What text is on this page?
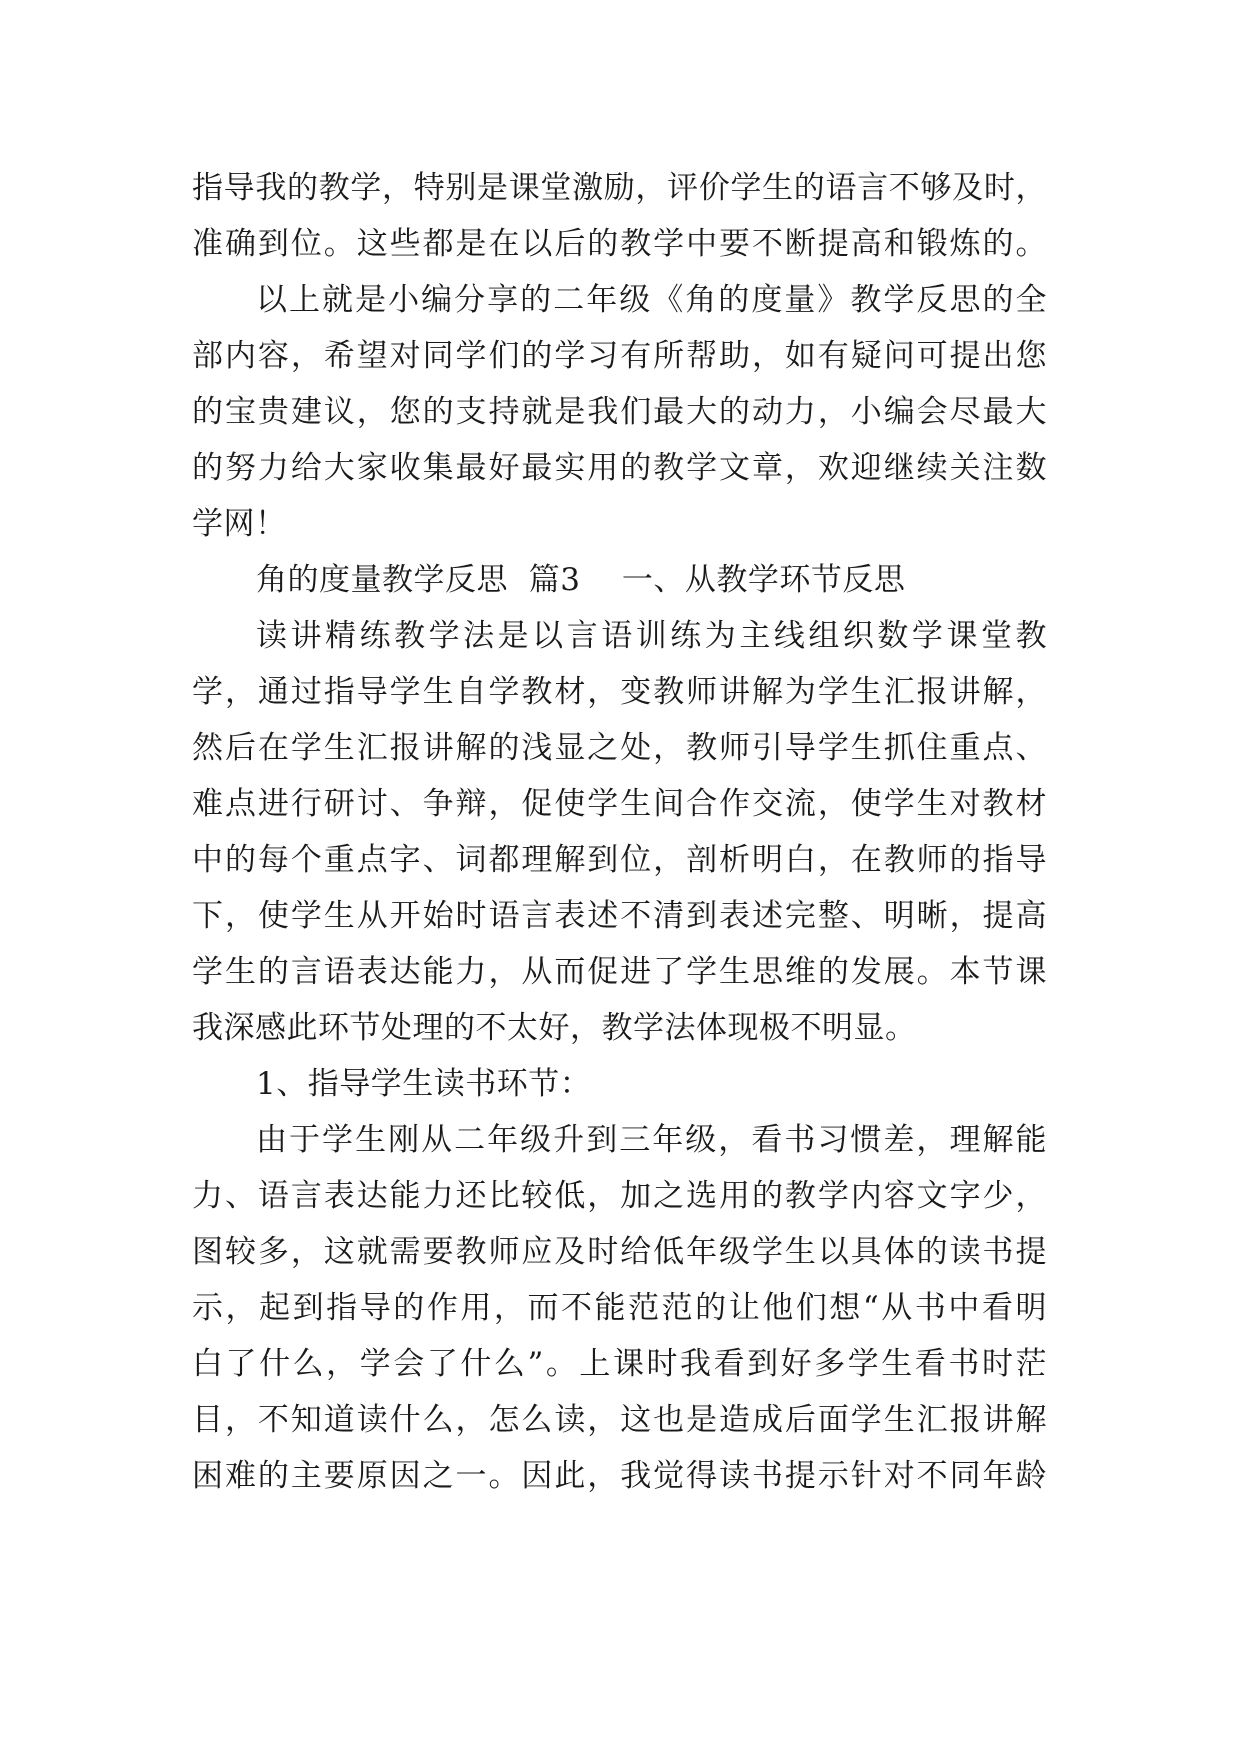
指导我的教学，特别是课堂激励，评价学生的语言不够及时，
准确到位。这些都是在以后的教学中要不断提高和锻炼的。
以上就是小编分享的二年级《角的度量》教学反思的全
部内容，希望对同学们的学习有所帮助，如有疑问可提出您
的宝贵建议，您的支持就是我们最大的动力，小编会尽最大
的努力给大家收集最好最实用的教学文章，欢迎继续关注数
学网！
角的度量教学反思  篇3    一、从教学环节反思
读讲精练教学法是以言语训练为主线组织数学课堂教
学，通过指导学生自学教材，变教师讲解为学生汇报讲解，
然后在学生汇报讲解的浅显之处，教师引导学生抓住重点、
难点进行研讨、争辩，促使学生间合作交流，使学生对教材
中的每个重点字、词都理解到位，剖析明白，在教师的指导
下，使学生从开始时语言表述不清到表述完整、明晰，提高
学生的言语表达能力，从而促进了学生思维的发展。本节课
我深感此环节处理的不太好，教学法体现极不明显。
1、指导学生读书环节：
由于学生刚从二年级升到三年级，看书习惯差，理解能
力、语言表达能力还比较低，加之选用的教学内容文字少，
图较多，这就需要教师应及时给低年级学生以具体的读书提
示，起到指导的作用，而不能范范的让他们想“从书中看明
白了什么，学会了什么”。上课时我看到好多学生看书时茫
目，不知道读什么，怎么读，这也是造成后面学生汇报讲解
困难的主要原因之一。因此，我觉得读书提示针对不同年龄
